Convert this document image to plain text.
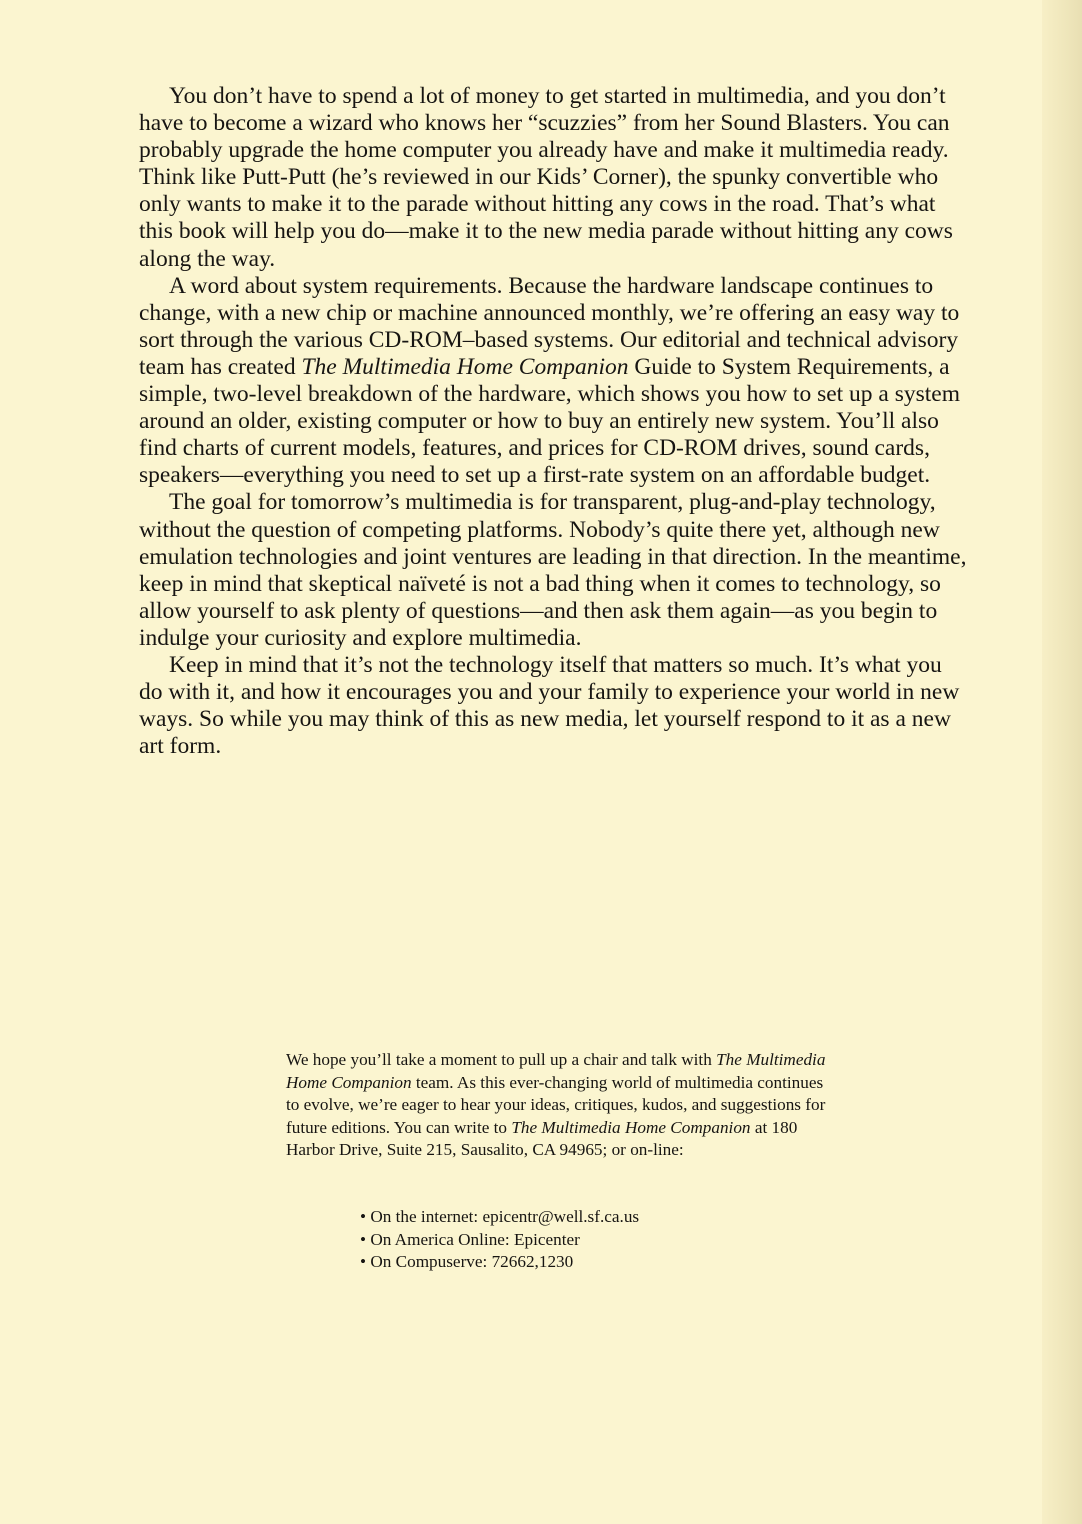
You don’t have to spend a lot of money to get started in multimedia, and you don’t have to become a wizard who knows her “scuzzies” from her Sound Blasters. You can probably upgrade the home computer you already have and make it multimedia ready. Think like Putt-Putt (he’s reviewed in our Kids’ Corner), the spunky convertible who only wants to make it to the parade without hitting any cows in the road. That’s what this book will help you do—make it to the new media parade without hitting any cows along the way.

A word about system requirements. Because the hardware landscape continues to change, with a new chip or machine announced monthly, we’re offering an easy way to sort through the various CD-ROM–based systems. Our editorial and technical advisory team has created The Multimedia Home Companion Guide to System Requirements, a simple, two-level breakdown of the hardware, which shows you how to set up a system around an older, existing computer or how to buy an entirely new system. You’ll also find charts of current models, features, and prices for CD-ROM drives, sound cards, speakers—everything you need to set up a first-rate system on an affordable budget.

The goal for tomorrow’s multimedia is for transparent, plug-and-play technology, without the question of competing platforms. Nobody’s quite there yet, although new emulation technologies and joint ventures are leading in that direction. In the meantime, keep in mind that skeptical naïveté is not a bad thing when it comes to technology, so allow yourself to ask plenty of questions—and then ask them again—as you begin to indulge your curiosity and explore multimedia.

Keep in mind that it’s not the technology itself that matters so much. It’s what you do with it, and how it encourages you and your family to experience your world in new ways. So while you may think of this as new media, let yourself respond to it as a new art form.

We hope you’ll take a moment to pull up a chair and talk with The Multimedia Home Companion team. As this ever-changing world of multimedia continues to evolve, we’re eager to hear your ideas, critiques, kudos, and suggestions for future editions. You can write to The Multimedia Home Companion at 180 Harbor Drive, Suite 215, Sausalito, CA 94965; or on-line:

• On the internet: epicentr@well.sf.ca.us
• On America Online: Epicenter
• On Compuserve: 72662,1230
